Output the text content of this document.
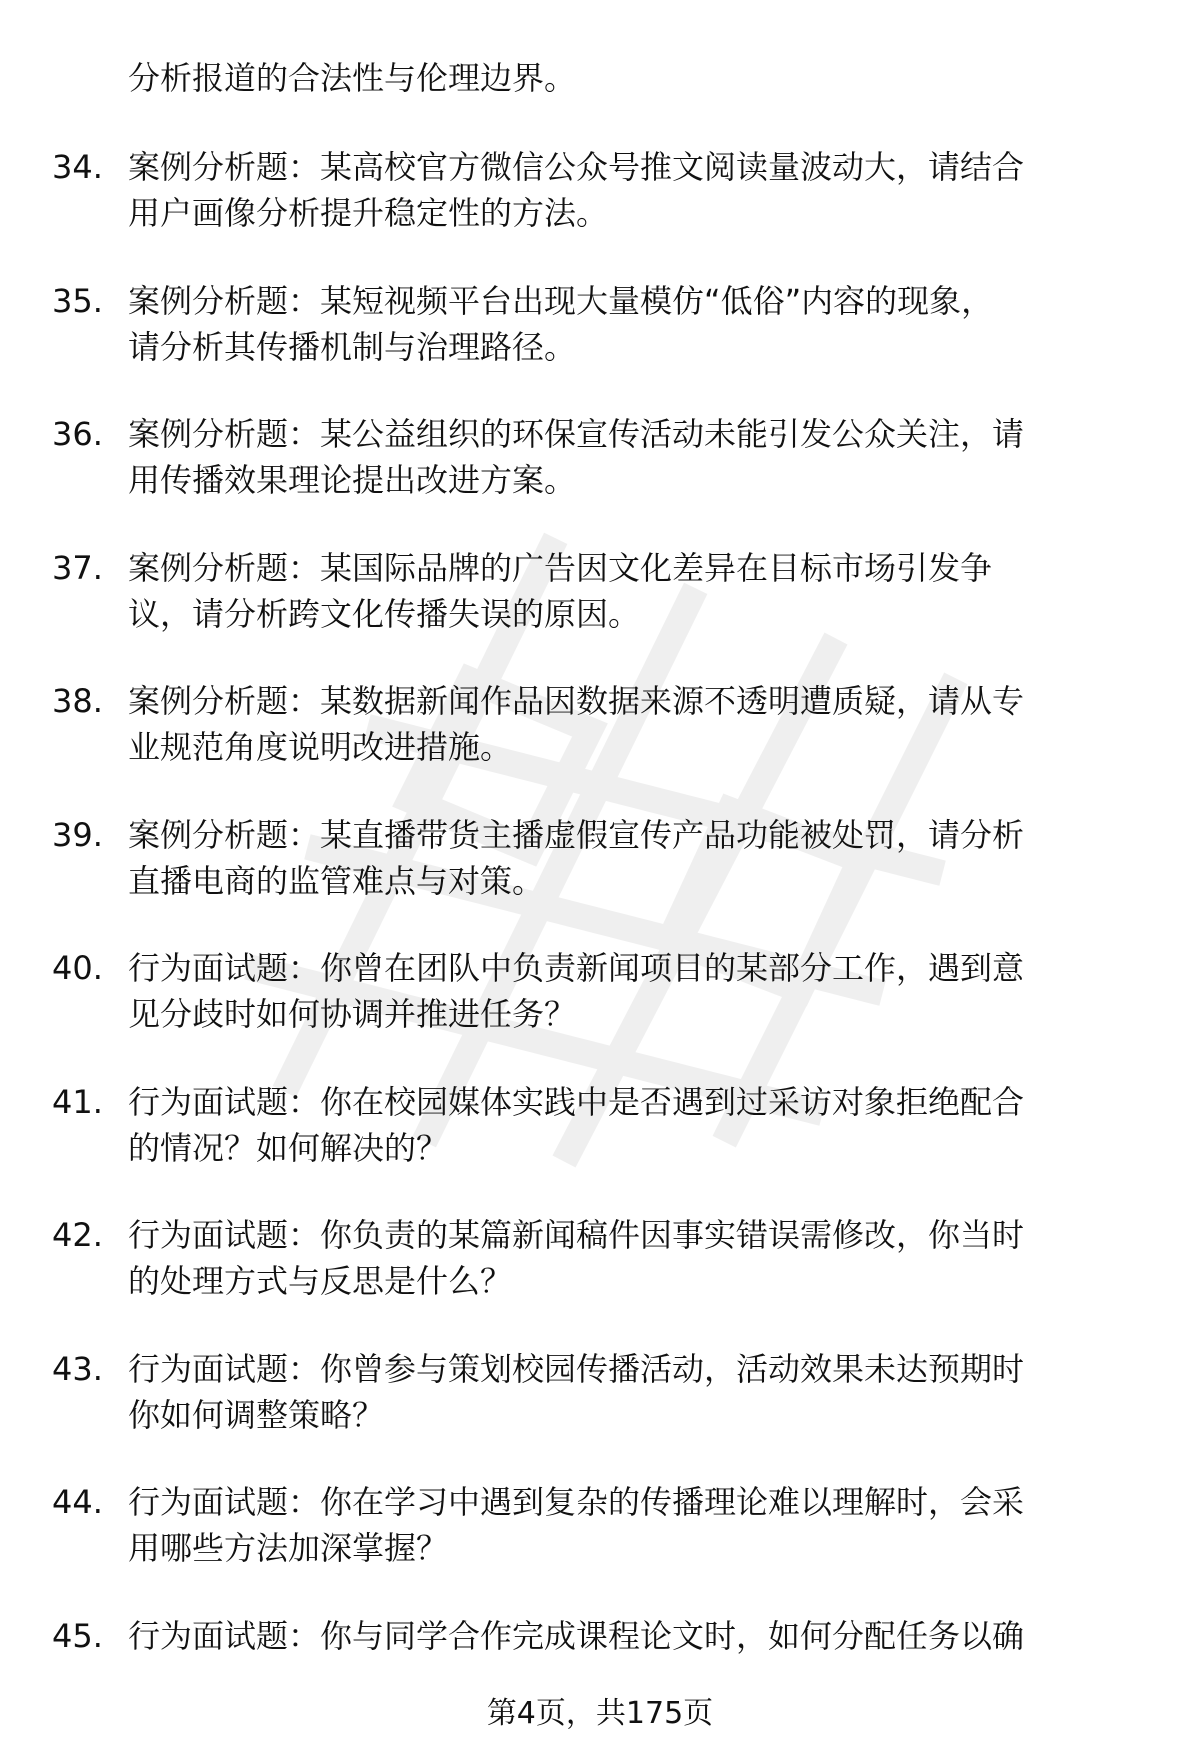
分析报道的合法性与伦理边界。
34. 案例分析题：某高校官方微信公众号推文阅读量波动大，请结合
用户画像分析提升稳定性的方法。
35. 案例分析题：某短视频平台出现大量模仿“低俗”内容的现象，
请分析其传播机制与治理路径。
36. 案例分析题：某公益组织的环保宣传活动未能引发公众关注，请
用传播效果理论提出改进方案。
37. 案例分析题：某国际品牌的广告因文化差异在目标市场引发争
议，请分析跨文化传播失误的原因。
38. 案例分析题：某数据新闻作品因数据来源不透明遭质疑，请从专
业规范角度说明改进措施。
39. 案例分析题：某直播带货主播虚假宣传产品功能被处罚，请分析
直播电商的监管难点与对策。
40. 行为面试题：你曾在团队中负责新闻项目的某部分工作，遇到意
见分歧时如何协调并推进任务？
41. 行为面试题：你在校园媒体实践中是否遇到过采访对象拒绝配合
的情况？如何解决的？
42. 行为面试题：你负责的某篇新闻稿件因事实错误需修改，你当时
的处理方式与反思是什么？
43. 行为面试题：你曾参与策划校园传播活动，活动效果未达预期时
你如何调整策略？
44. 行为面试题：你在学习中遇到复杂的传播理论难以理解时，会采
用哪些方法加深掌握？
45. 行为面试题：你与同学合作完成课程论文时，如何分配任务以确
第4页，共175页
